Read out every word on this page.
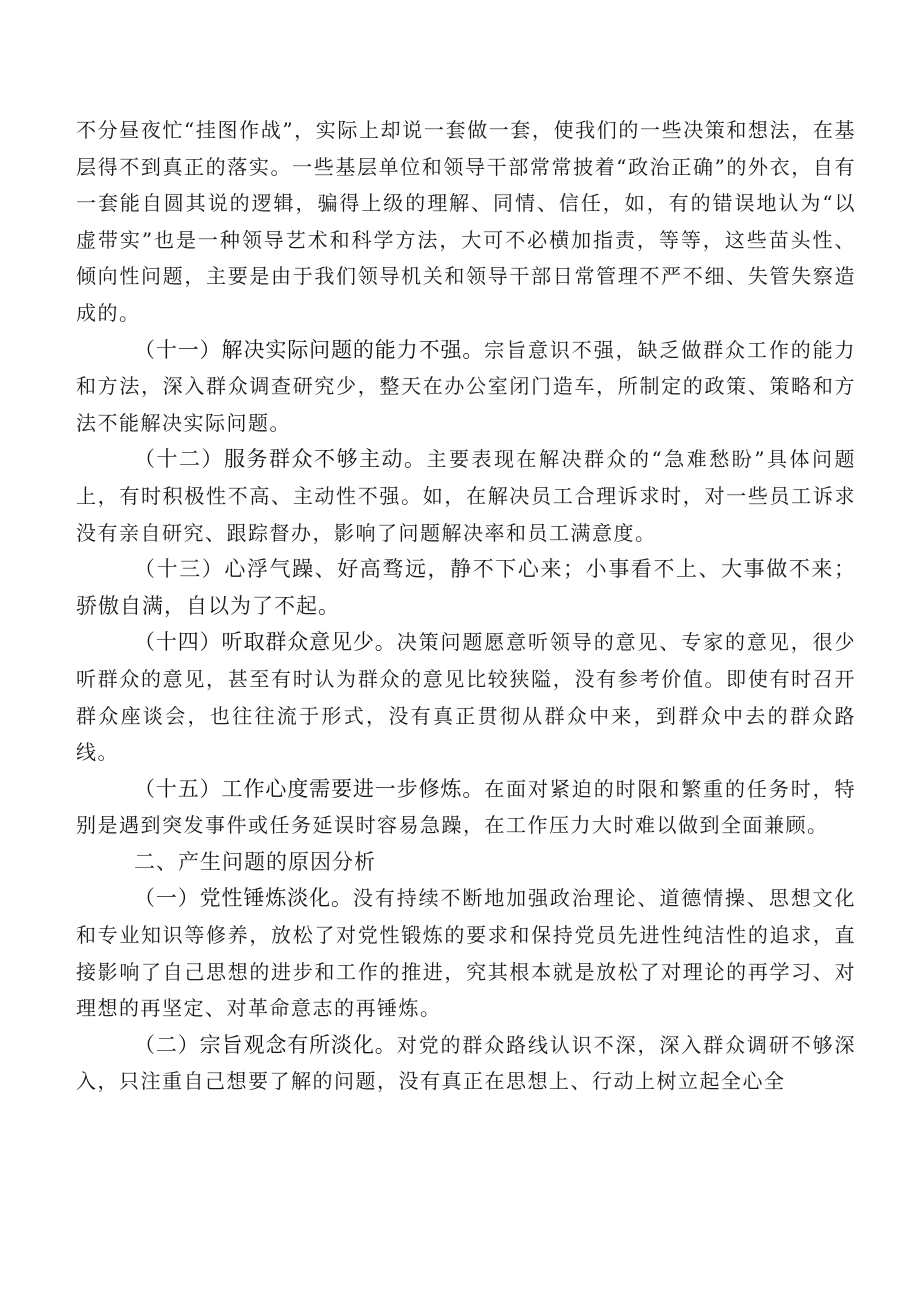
不分昼夜忙“挂图作战”，实际上却说一套做一套，使我们的一些决策和想法，在基层得不到真正的落实。一些基层单位和领导干部常常披着“政治正确”的外衣，自有一套能自圆其说的逻辑，骗得上级的理解、同情、信任，如，有的错误地认为“以虚带实”也是一种领导艺术和科学方法，大可不必横加指责，等等，这些苗头性、倾向性问题，主要是由于我们领导机关和领导干部日常管理不严不细、失管失察造成的。

（十一）解决实际问题的能力不强。宗旨意识不强，缺乏做群众工作的能力和方法，深入群众调查研究少，整天在办公室闭门造车，所制定的政策、策略和方法不能解决实际问题。

（十二）服务群众不够主动。主要表现在解决群众的“急难愁盼”具体问题上，有时积极性不高、主动性不强。如，在解决员工合理诉求时，对一些员工诉求没有亲自研究、跟踪督办，影响了问题解决率和员工满意度。

（十三）心浮气躁、好高骛远，静不下心来；小事看不上、大事做不来；骄傲自满，自以为了不起。

（十四）听取群众意见少。决策问题愿意听领导的意见、专家的意见，很少听群众的意见，甚至有时认为群众的意见比较狭隘，没有参考价值。即使有时召开群众座谈会，也往往流于形式，没有真正贯彻从群众中来，到群众中去的群众路线。

（十五）工作心度需要进一步修炼。在面对紧迫的时限和繁重的任务时，特别是遇到突发事件或任务延误时容易急躁，在工作压力大时难以做到全面兼顾。

二、产生问题的原因分析

（一）党性锤炼淡化。没有持续不断地加强政治理论、道德情操、思想文化和专业知识等修养，放松了对党性锻炼的要求和保持党员先进性纯洁性的追求，直接影响了自己思想的进步和工作的推进，究其根本就是放松了对理论的再学习、对理想的再坚定、对革命意志的再锤炼。

（二）宗旨观念有所淡化。对党的群众路线认识不深，深入群众调研不够深入，只注重自己想要了解的问题，没有真正在思想上、行动上树立起全心全
